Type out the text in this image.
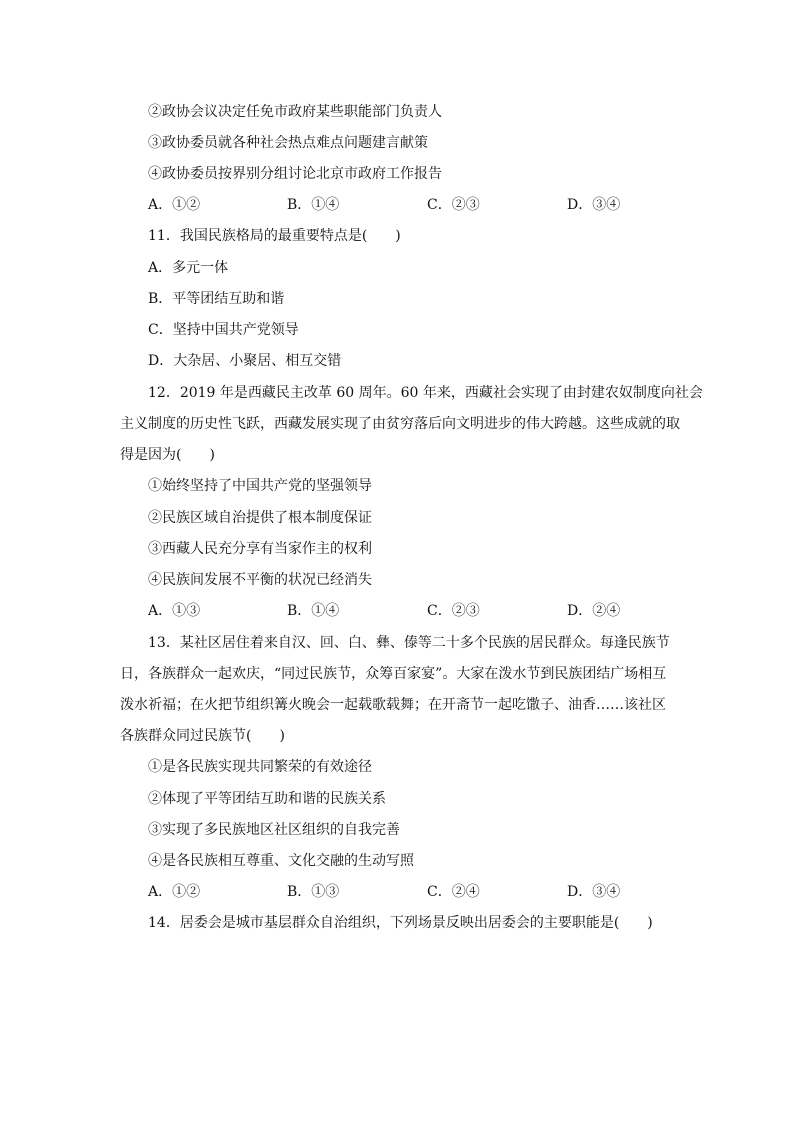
②政协会议决定任免市政府某些职能部门负责人
③政协委员就各种社会热点难点问题建言献策
④政协委员按界别分组讨论北京市政府工作报告
A．①②	B．①④	C．②③	D．③④
11．我国民族格局的最重要特点是(　　)
A．多元一体
B．平等团结互助和谐
C．坚持中国共产党领导
D．大杂居、小聚居、相互交错
12．2019 年是西藏民主改革 60 周年。60 年来，西藏社会实现了由封建农奴制度向社会
主义制度的历史性飞跃，西藏发展实现了由贫穷落后向文明进步的伟大跨越。这些成就的取
得是因为(　　)
①始终坚持了中国共产党的坚强领导
②民族区域自治提供了根本制度保证
③西藏人民充分享有当家作主的权利
④民族间发展不平衡的状况已经消失
A．①③	B．①④	C．②③	D．②④
13．某社区居住着来自汉、回、白、彝、傣等二十多个民族的居民群众。每逢民族节
日，各族群众一起欢庆，“同过民族节，众筹百家宴”。大家在泼水节到民族团结广场相互
泼水祈福；在火把节组织篝火晚会一起载歌载舞；在开斋节一起吃馓子、油香……该社区
各族群众同过民族节(　　)
①是各民族实现共同繁荣的有效途径
②体现了平等团结互助和谐的民族关系
③实现了多民族地区社区组织的自我完善
④是各民族相互尊重、文化交融的生动写照
A．①②	B．①③	C．②④	D．③④
14．居委会是城市基层群众自治组织，下列场景反映出居委会的主要职能是(　　)
